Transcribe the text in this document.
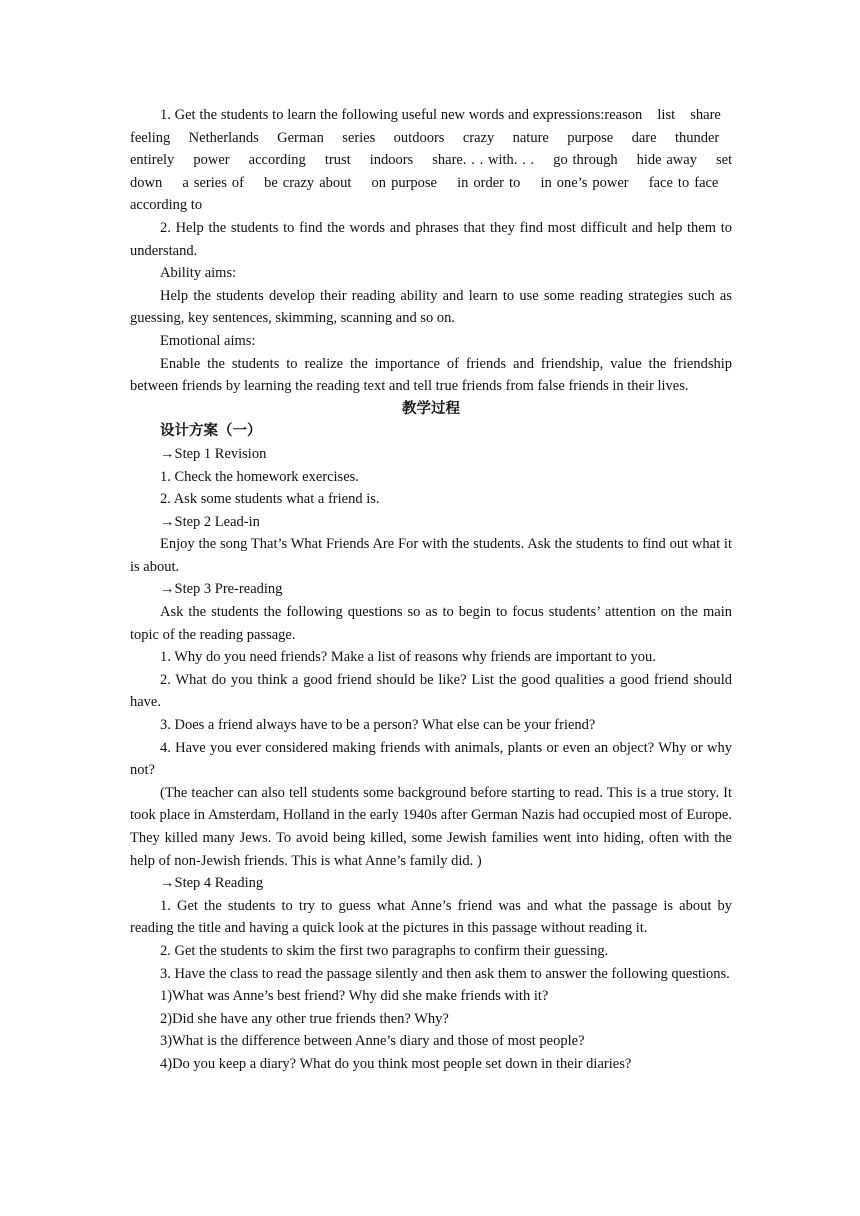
1. Get the students to learn the following useful new words and expressions:reason list share    feeling Netherlands German series outdoors crazy nature purpose dare thunder    entirely power according trust indoors share. . . with. . . go through hide away set down a series of be crazy about on purpose in order to in one’s power face to face    according to

2. Help the students to find the words and phrases that they find most difficult and help them to understand.

Ability aims:

Help the students develop their reading ability and learn to use some reading strategies such as guessing, key sentences, skimming, scanning and so on.

Emotional aims:

Enable the students to realize the importance of friends and friendship, value the friendship between friends by learning the reading text and tell true friends from false friends in their lives.

教学过程

设计方案（一）

→Step 1 Revision

1. Check the homework exercises.

2. Ask some students what a friend is.

→Step 2 Lead-in

Enjoy the song That’s What Friends Are For with the students. Ask the students to find out what it is about.

→Step 3 Pre-reading

Ask the students the following questions so as to begin to focus students’ attention on the main topic of the reading passage.

1. Why do you need friends? Make a list of reasons why friends are important to you.

2. What do you think a good friend should be like? List the good qualities a good friend should have.

3. Does a friend always have to be a person? What else can be your friend?

4. Have you ever considered making friends with animals, plants or even an object? Why or why not?

(The teacher can also tell students some background before starting to read. This is a true story. It took place in Amsterdam, Holland in the early 1940s after German Nazis had occupied most of Europe. They killed many Jews. To avoid being killed, some Jewish families went into hiding, often with the help of non-Jewish friends. This is what Anne’s family did. )

→Step 4 Reading

1. Get the students to try to guess what Anne’s friend was and what the passage is about by reading the title and having a quick look at the pictures in this passage without reading it.

2. Get the students to skim the first two paragraphs to confirm their guessing.

3. Have the class to read the passage silently and then ask them to answer the following questions.

1)What was Anne’s best friend? Why did she make friends with it?

2)Did she have any other true friends then? Why?

3)What is the difference between Anne’s diary and those of most people?

4)Do you keep a diary? What do you think most people set down in their diaries?
